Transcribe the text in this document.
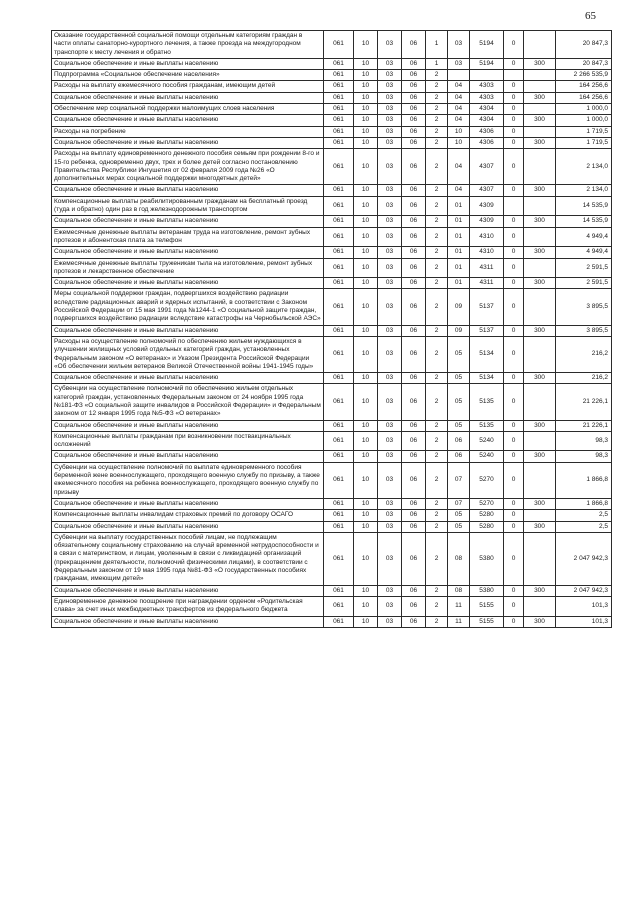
65
Оказание государственной социальной помощи отдельным категориям граждан в части оплаты санаторно-курортного лечения, а также проезда на междугородном транспорте к месту лечения и обратно	061	10	03	06	1	03	5194	0		20 847,3
Социальное обеспечение и иные выплаты населению	061	10	03	06	1	03	5194	0	300	20 847,3
Подпрограмма «Социальное обеспечение населения»	061	10	03	06	2					2 266 535,9
Расходы на выплату ежемесячного пособия гражданам, имеющим детей	061	10	03	06	2	04	4303	0		164 256,6
Социальное обеспечение и иные выплаты населению	061	10	03	06	2	04	4303	0	300	164 256,6
Обеспечение мер социальной поддержки малоимущих слоев населения	061	10	03	06	2	04	4304	0		1 000,0
Социальное обеспечение и иные выплаты населению	061	10	03	06	2	04	4304	0	300	1 000,0
Расходы на погребение	061	10	03	06	2	10	4306	0		1 719,5
Социальное обеспечение и иные выплаты населению	061	10	03	06	2	10	4306	0	300	1 719,5
Расходы на выплату единовременного денежного пособия семьям при рождении 8-го и 15-го ребенка, одновременно двух, трех и более детей согласно постановлению Правительства Республики Ингушетия от 02 февраля 2009 года №26 «О дополнительных мерах социальной поддержки многодетных детей»	061	10	03	06	2	04	4307	0		2 134,0
Социальное обеспечение и иные выплаты населению	061	10	03	06	2	04	4307	0	300	2 134,0
Компенсационные выплаты реабилитированным гражданам на бесплатный проезд (туда и обратно) один раз в год железнодорожным транспортом	061	10	03	06	2	01	4309			14 535,9
Социальное обеспечение и иные выплаты населению	061	10	03	06	2	01	4309	0	300	14 535,9
Ежемесячные денежные выплаты ветеранам труда на изготовление, ремонт зубных протезов и абонентская плата за телефон	061	10	03	06	2	01	4310	0		4 949,4
Социальное обеспечение и иные выплаты населению	061	10	03	06	2	01	4310	0	300	4 949,4
Ежемесячные денежные выплаты труженикам тыла на изготовление, ремонт зубных протезов и лекарственное обеспечение	061	10	03	06	2	01	4311	0		2 591,5
Социальное обеспечение и иные выплаты населению	061	10	03	06	2	01	4311	0	300	2 591,5
Меры социальной поддержки граждан, подвергшихся воздействию радиации вследствие радиационных аварий и ядерных испытаний, в соответствии с Законом Российской Федерации от 15 мая 1991 года №1244-1 «О социальной защите граждан, подвергшихся воздействию радиации вследствие катастрофы на Чернобыльской АЭС»	061	10	03	06	2	09	5137	0		3 895,5
Социальное обеспечение и иные выплаты населению	061	10	03	06	2	09	5137	0	300	3 895,5
Расходы на осуществление полномочий по обеспечению жильем нуждающихся в улучшении жилищных условий отдельных категорий граждан, установленных Федеральным законом «О ветеранах» и Указом Президента Российской Федерации «Об обеспечении жильем ветеранов Великой Отечественной войны 1941-1945 годы»	061	10	03	06	2	05	5134	0		216,2
Социальное обеспечение и иные выплаты населению	061	10	03	06	2	05	5134	0	300	216,2
Субвенции на осуществление полномочий по обеспечению жильем отдельных категорий граждан, установленных Федеральным законом от 24 ноября 1995 года №181-ФЗ «О социальной защите инвалидов в Российской Федерации» и Федеральным законом от 12 января 1995 года №5-ФЗ «О ветеранах»	061	10	03	06	2	05	5135	0		21 226,1
Социальное обеспечение и иные выплаты населению	061	10	03	06	2	05	5135	0	300	21 226,1
Компенсационные выплаты гражданам при возникновении поствакцинальных осложнений	061	10	03	06	2	06	5240	0		98,3
Социальное обеспечение и иные выплаты населению	061	10	03	06	2	06	5240	0	300	98,3
Субвенции на осуществление полномочий по выплате единовременного пособия беременной жене военнослужащего, проходящего военную службу по призыву, а также ежемесячного пособия на ребенка военнослужащего, проходящего военную службу по призыву	061	10	03	06	2	07	5270	0		1 866,8
Социальное обеспечение и иные выплаты населению	061	10	03	06	2	07	5270	0	300	1 866,8
Компенсационные выплаты инвалидам страховых премий по договору ОСАГО	061	10	03	06	2	05	5280	0		2,5
Социальное обеспечение и иные выплаты населению	061	10	03	06	2	05	5280	0	300	2,5
Субвенции на выплату государственных пособий лицам, не подлежащим обязательному социальному страхованию на случай временной нетрудоспособности и в связи с материнством, и лицам, уволенным в связи с ликвидацией организаций (прекращением деятельности, полномочий физическими лицами), в соответствии с Федеральным законом от 19 мая 1995 года №81-ФЗ «О государственных пособиях гражданам, имеющим детей»	061	10	03	06	2	08	5380	0		2 047 942,3
Социальное обеспечение и иные выплаты населению	061	10	03	06	2	08	5380	0	300	2 047 942,3
Единовременное денежное поощрение при награждении орденом «Родительская слава» за счет иных межбюджетных трансфертов из федерального бюджета	061	10	03	06	2	11	5155	0		101,3
Социальное обеспечение и иные выплаты населению	061	10	03	06	2	11	5155	0	300	101,3
